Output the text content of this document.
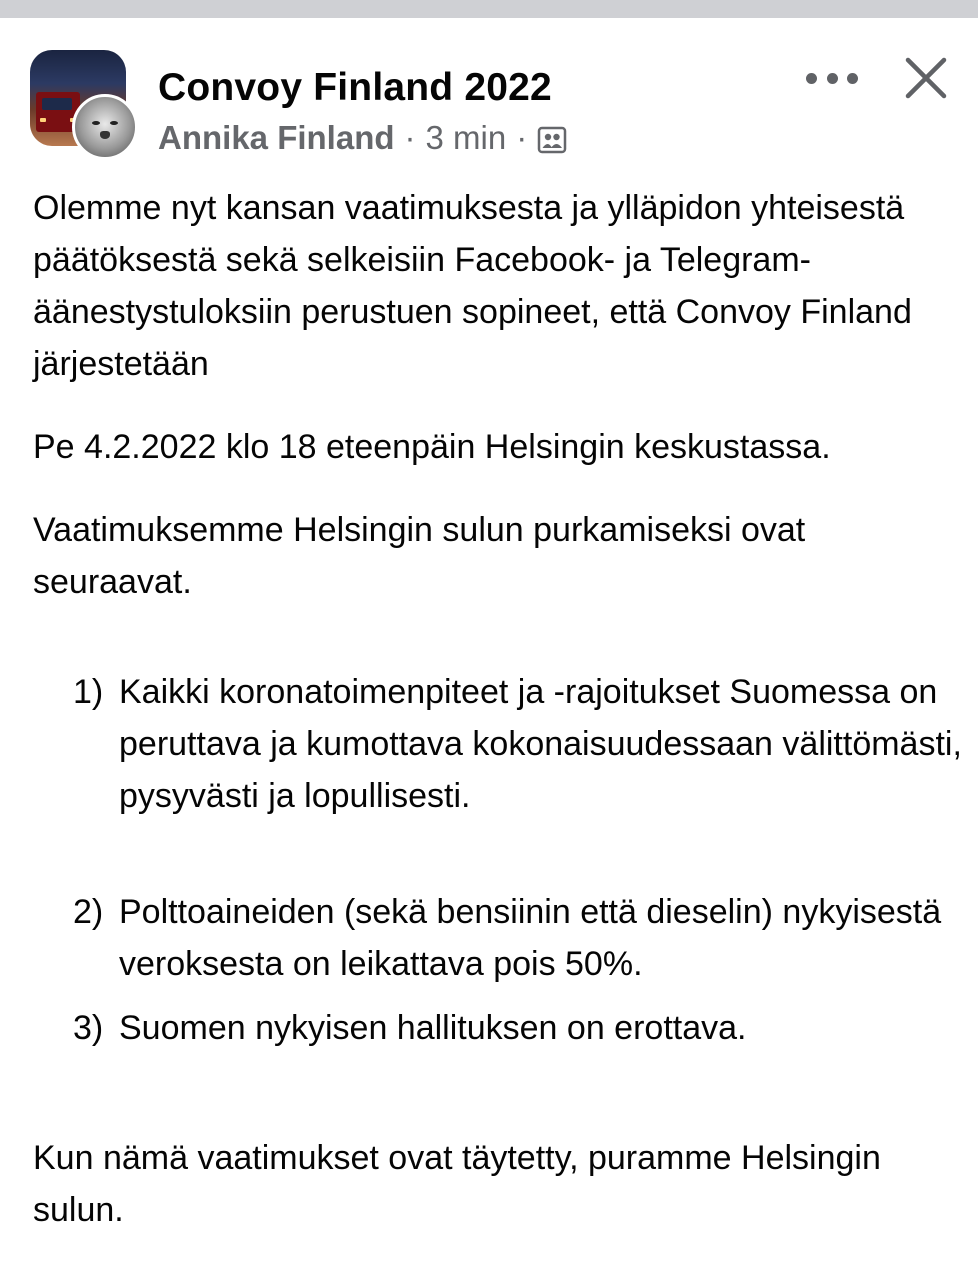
Convoy Finland 2022
Annika Finland · 3 min ·

Olemme nyt kansan vaatimuksesta ja ylläpidon yhteisestä päätöksestä sekä selkeisiin Facebook- ja Telegram-äänestystuloksiin perustuen sopineet, että Convoy Finland järjestetään

Pe 4.2.2022 klo 18 eteenpäin Helsingin keskustassa.

Vaatimuksemme Helsingin sulun purkamiseksi ovat seuraavat.

1) Kaikki koronatoimenpiteet ja -rajoitukset Suomessa on peruttava ja kumottava kokonaisuudessaan välittömästi, pysyvästi ja lopullisesti.
2) Polttoaineiden (sekä bensiinin että dieselin) nykyisestä veroksesta on leikattava pois 50%.
3) Suomen nykyisen hallituksen on erottava.

Kun nämä vaatimukset ovat täytetty, puramme Helsingin sulun.
